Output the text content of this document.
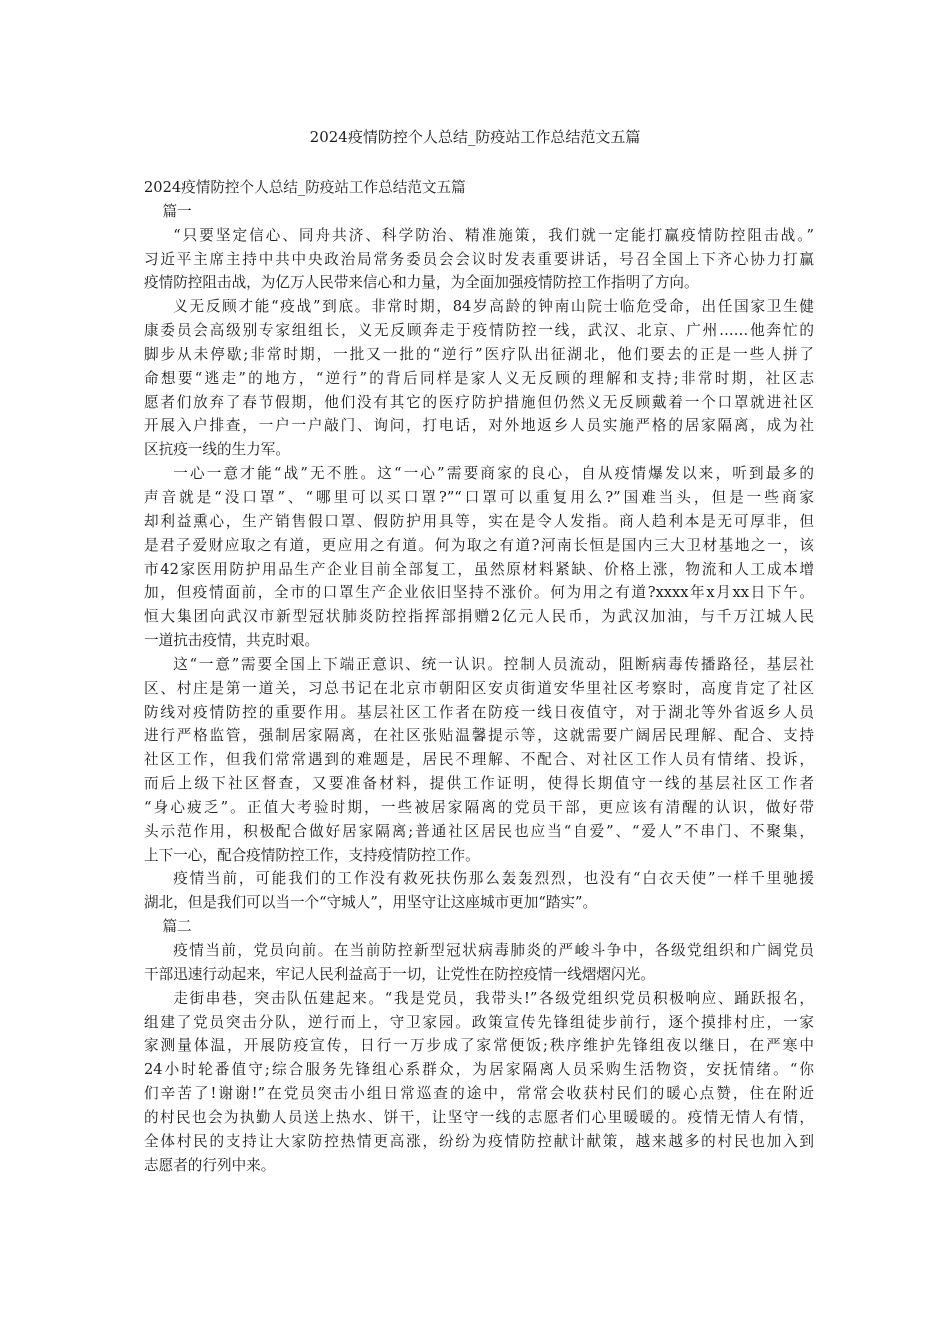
2024疫情防控个人总结_防疫站工作总结范文五篇
2024疫情防控个人总结_防疫站工作总结范文五篇
篇一
“只要坚定信心、同舟共济、科学防治、精准施策，我们就一定能打赢疫情防控阻击战。”
习近平主席主持中共中央政治局常务委员会会议时发表重要讲话，号召全国上下齐心协力打赢
疫情防控阻击战，为亿万人民带来信心和力量，为全面加强疫情防控工作指明了方向。
义无反顾才能“疫战”到底。非常时期，84岁高龄的钟南山院士临危受命，出任国家卫生健
康委员会高级别专家组组长，义无反顾奔走于疫情防控一线，武汉、北京、广州……他奔忙的
脚步从未停歇;非常时期，一批又一批的“逆行”医疗队出征湖北，他们要去的正是一些人拼了
命想要“逃走”的地方，“逆行”的背后同样是家人义无反顾的理解和支持;非常时期，社区志
愿者们放弃了春节假期，他们没有其它的医疗防护措施但仍然义无反顾戴着一个口罩就进社区
开展入户排查，一户一户敲门、询问，打电话，对外地返乡人员实施严格的居家隔离，成为社
区抗疫一线的生力军。
一心一意才能“战”无不胜。这“一心”需要商家的良心，自从疫情爆发以来，听到最多的
声音就是“没口罩”、“哪里可以买口罩?”“口罩可以重复用么?”国难当头，但是一些商家
却利益熏心，生产销售假口罩、假防护用具等，实在是令人发指。商人趋利本是无可厚非，但
是君子爱财应取之有道，更应用之有道。何为取之有道?河南长恒是国内三大卫材基地之一，该
市42家医用防护用品生产企业目前全部复工，虽然原材料紧缺、价格上涨，物流和人工成本增
加，但疫情面前，全市的口罩生产企业依旧坚持不涨价。何为用之有道?xxxx年x月xx日下午。
恒大集团向武汉市新型冠状肺炎防控指挥部捐赠2亿元人民币，为武汉加油，与千万江城人民
一道抗击疫情，共克时艰。
这“一意”需要全国上下端正意识、统一认识。控制人员流动，阻断病毒传播路径，基层社
区、村庄是第一道关，习总书记在北京市朝阳区安贞街道安华里社区考察时，高度肯定了社区
防线对疫情防控的重要作用。基层社区工作者在防疫一线日夜值守，对于湖北等外省返乡人员
进行严格监管，强制居家隔离，在社区张贴温馨提示等，这就需要广阔居民理解、配合、支持
社区工作，但我们常常遇到的难题是，居民不理解、不配合、对社区工作人员有情绪、投诉，
而后上级下社区督查，又要准备材料，提供工作证明，使得长期值守一线的基层社区工作者
“身心疲乏”。正值大考验时期，一些被居家隔离的党员干部，更应该有清醒的认识，做好带
头示范作用，积极配合做好居家隔离;普通社区居民也应当“自爱”、“爱人”不串门、不聚集，
上下一心，配合疫情防控工作，支持疫情防控工作。
疫情当前，可能我们的工作没有救死扶伤那么轰轰烈烈，也没有“白衣天使”一样千里驰援
湖北，但是我们可以当一个“守城人”，用坚守让这座城市更加“踏实”。
篇二
疫情当前，党员向前。在当前防控新型冠状病毒肺炎的严峻斗争中，各级党组织和广阔党员
干部迅速行动起来，牢记人民利益高于一切，让党性在防控疫情一线熠熠闪光。
走街串巷，突击队伍建起来。“我是党员，我带头!”各级党组织党员积极响应、踊跃报名，
组建了党员突击分队，逆行而上，守卫家园。政策宣传先锋组徒步前行，逐个摸排村庄，一家
家测量体温，开展防疫宣传，日行一万步成了家常便饭;秩序维护先锋组夜以继日，在严寒中
24小时轮番值守;综合服务先锋组心系群众，为居家隔离人员采购生活物资，安抚情绪。“你
们辛苦了!谢谢!”在党员突击小组日常巡查的途中，常常会收获村民们的暖心点赞，住在附近
的村民也会为执勤人员送上热水、饼干，让坚守一线的志愿者们心里暖暖的。疫情无情人有情，
全体村民的支持让大家防控热情更高涨，纷纷为疫情防控献计献策，越来越多的村民也加入到
志愿者的行列中来。
